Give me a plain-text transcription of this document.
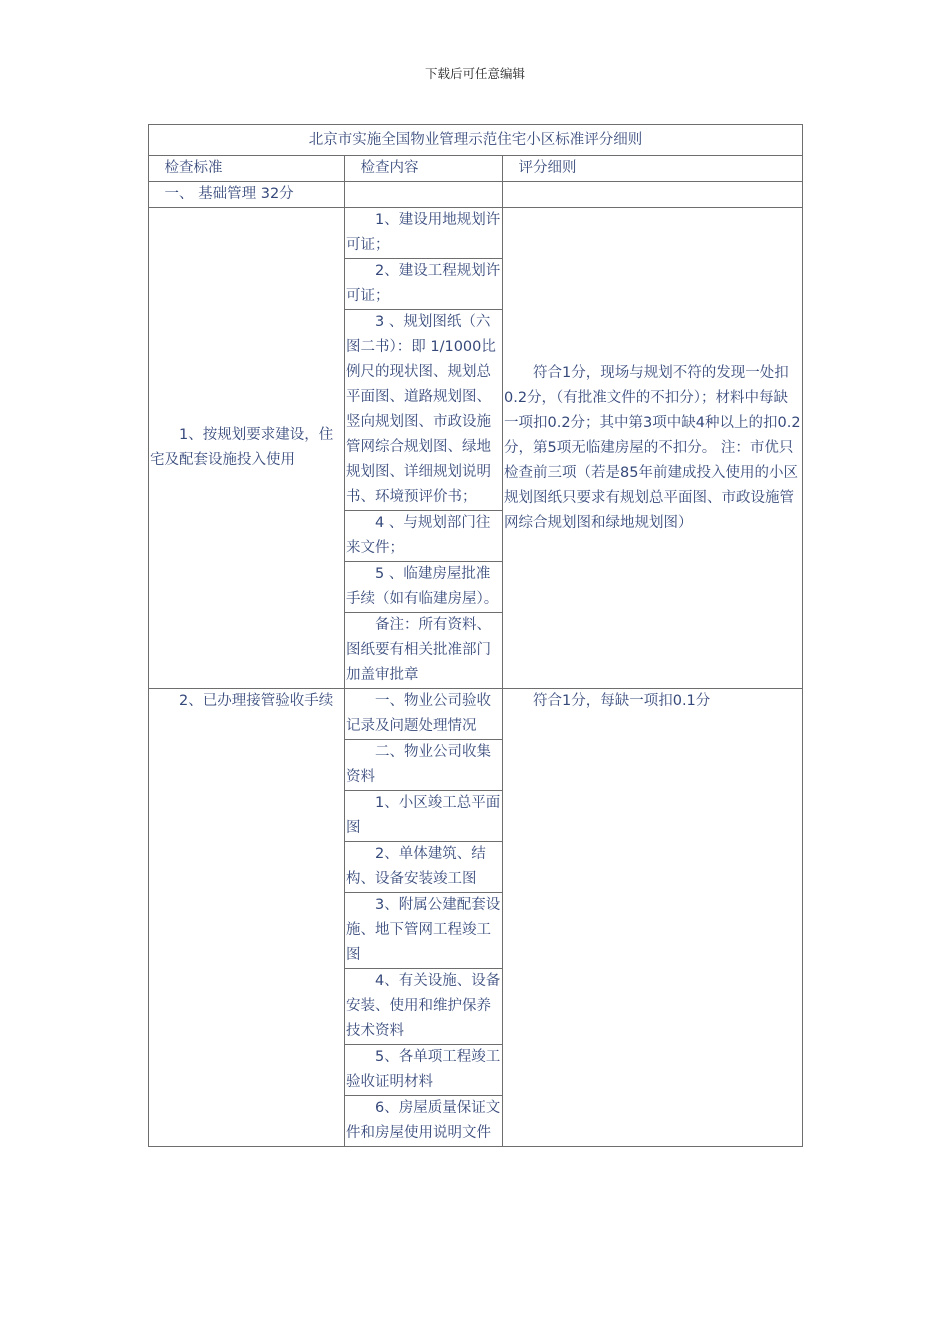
下载后可任意编辑
北京市实施全国物业管理示范住宅小区标准评分细则		
检查标准	检查内容	评分细则
一、 基础管理 32分		
1、按规划要求建设，住宅及配套设施投入使用	1、建设用地规划许可证；	符合1分，现场与规划不符的发现一处扣0.2分，（有批准文件的不扣分）；材料中每缺一项扣0.2分；其中第3项中缺4种以上的扣0.2分，第5项无临建房屋的不扣分。 注：市优只检查前三项（若是85年前建成投入使用的小区规划图纸只要求有规划总平面图、市政设施管网综合规划图和绿地规划图）
	2、建设工程规划许可证；	
	3 、规划图纸（六图二书）：即 1/1000比例尺的现状图、规划总平面图、道路规划图、竖向规划图、市政设施管网综合规划图、绿地规划图、详细规划说明书、环境预评价书；	
	4 、与规划部门往来文件；	
	5 、临建房屋批准手续（如有临建房屋）。	
	备注：所有资料、图纸要有相关批准部门加盖审批章	
2、已办理接管验收手续	一、物业公司验收记录及问题处理情况	符合1分，每缺一项扣0.1分
	二、物业公司收集资料	
	1、小区竣工总平面图	
	2、单体建筑、结构、设备安装竣工图	
	3、附属公建配套设施、地下管网工程竣工图	
	4、有关设施、设备安装、使用和维护保养技术资料	
	5、各单项工程竣工验收证明材料	
	6、房屋质量保证文件和房屋使用说明文件	
